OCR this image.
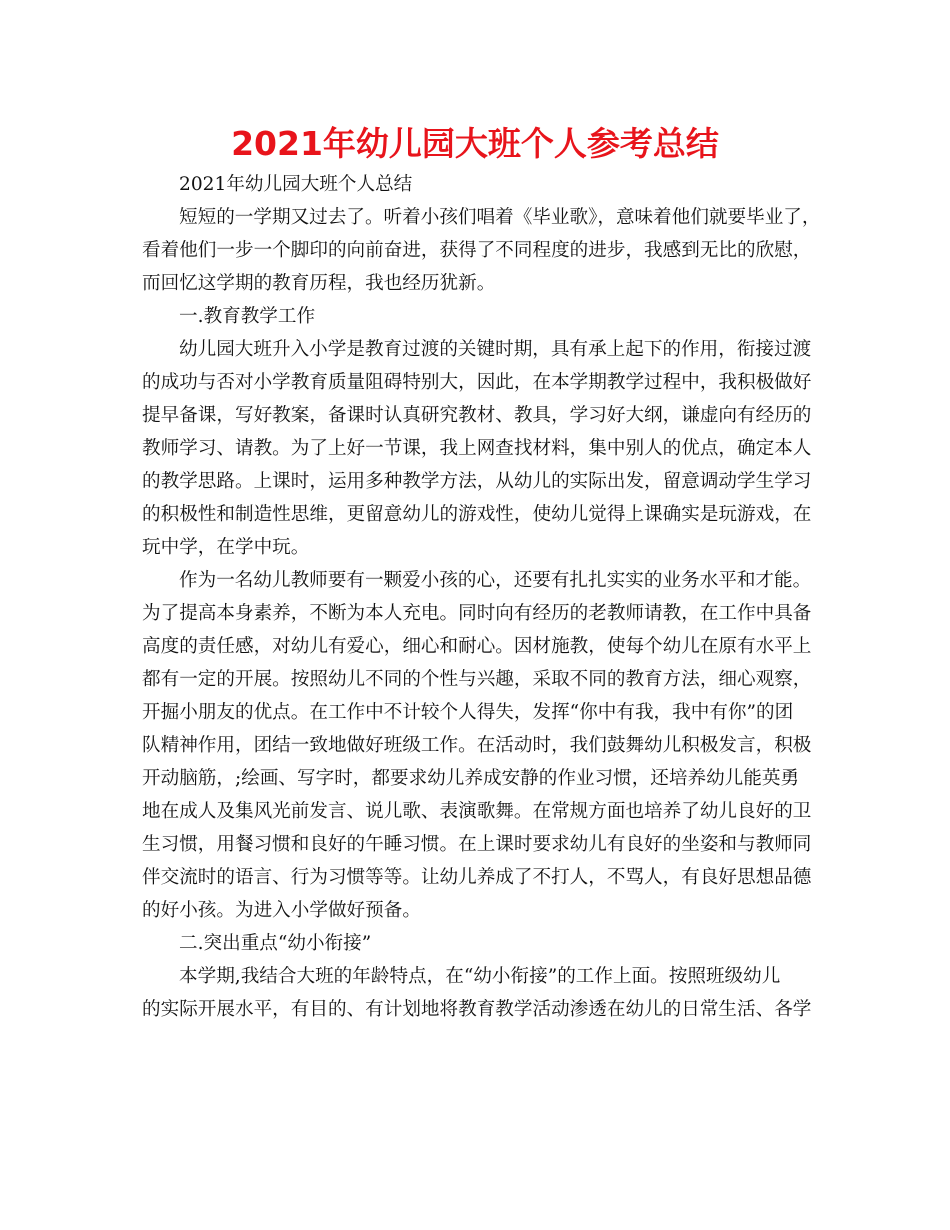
2021年幼儿园大班个人参考总结
2021年幼儿园大班个人总结
短短的一学期又过去了。听着小孩们唱着《毕业歌》，意味着他们就要毕业了，
看着他们一步一个脚印的向前奋进，获得了不同程度的进步，我感到无比的欣慰，
而回忆这学期的教育历程，我也经历犹新。
一.教育教学工作
幼儿园大班升入小学是教育过渡的关键时期，具有承上起下的作用，衔接过渡
的成功与否对小学教育质量阻碍特别大，因此，在本学期教学过程中，我积极做好
提早备课，写好教案，备课时认真研究教材、教具，学习好大纲，谦虚向有经历的
教师学习、请教。为了上好一节课，我上网查找材料，集中别人的优点，确定本人
的教学思路。上课时，运用多种教学方法，从幼儿的实际出发，留意调动学生学习
的积极性和制造性思维，更留意幼儿的游戏性，使幼儿觉得上课确实是玩游戏，在
玩中学，在学中玩。
作为一名幼儿教师要有一颗爱小孩的心，还要有扎扎实实的业务水平和才能。
为了提高本身素养，不断为本人充电。同时向有经历的老教师请教，在工作中具备
高度的责任感，对幼儿有爱心，细心和耐心。因材施教，使每个幼儿在原有水平上
都有一定的开展。按照幼儿不同的个性与兴趣，采取不同的教育方法，细心观察，
开掘小朋友的优点。在工作中不计较个人得失，发挥“你中有我，我中有你”的团
队精神作用，团结一致地做好班级工作。在活动时，我们鼓舞幼儿积极发言，积极
开动脑筋，;绘画、写字时，都要求幼儿养成安静的作业习惯，还培养幼儿能英勇
地在成人及集风光前发言、说儿歌、表演歌舞。在常规方面也培养了幼儿良好的卫
生习惯，用餐习惯和良好的午睡习惯。在上课时要求幼儿有良好的坐姿和与教师同
伴交流时的语言、行为习惯等等。让幼儿养成了不打人，不骂人，有良好思想品德
的好小孩。为进入小学做好预备。
二.突出重点“幼小衔接”
本学期,我结合大班的年龄特点，在“幼小衔接”的工作上面。按照班级幼儿
的实际开展水平，有目的、有计划地将教育教学活动渗透在幼儿的日常生活、各学
